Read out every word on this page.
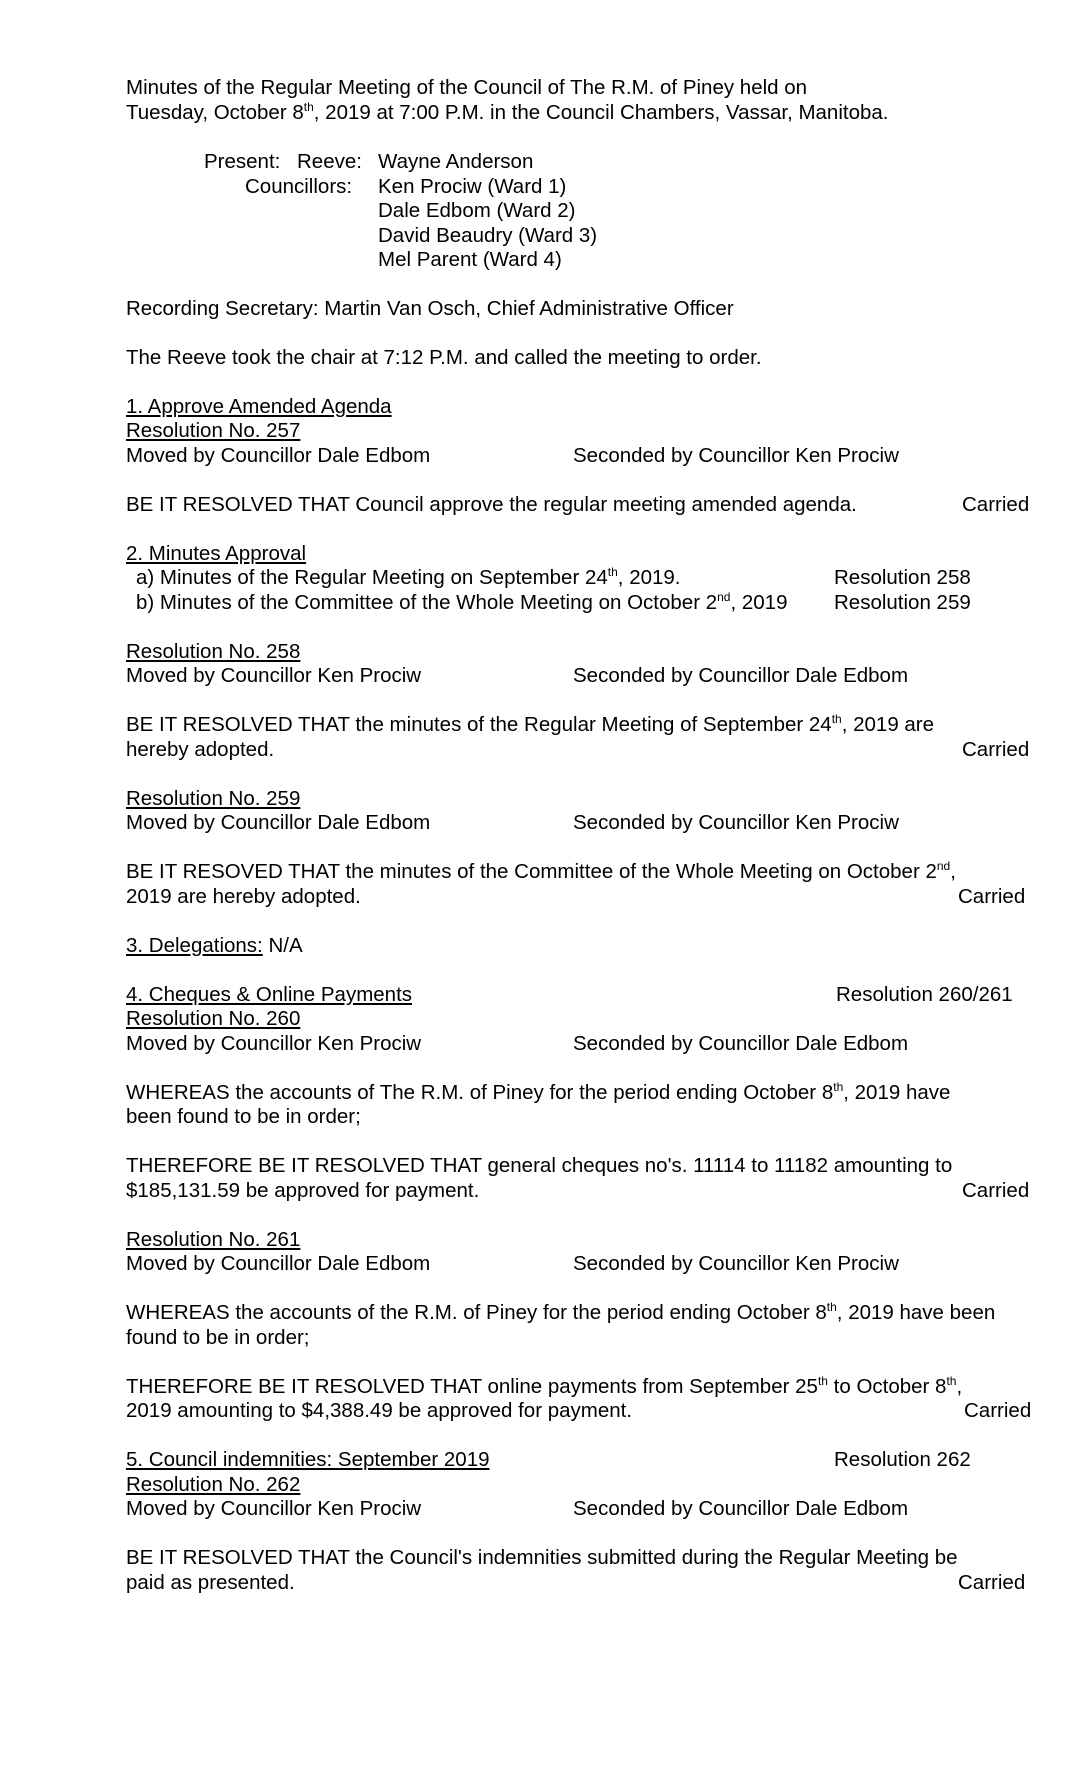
Minutes of the Regular Meeting of the Council of The R.M. of Piney held on
Tuesday, October 8th, 2019 at 7:00 P.M. in the Council Chambers, Vassar, Manitoba.
Present: Reeve: Wayne Anderson
Councillors: Ken Prociw (Ward 1)
Dale Edbom (Ward 2)
David Beaudry (Ward 3)
Mel Parent (Ward 4)
Recording Secretary: Martin Van Osch, Chief Administrative Officer
The Reeve took the chair at 7:12 P.M. and called the meeting to order.
1. Approve Amended Agenda
Resolution No. 257
Moved by Councillor Dale Edbom	Seconded by Councillor Ken Prociw
BE IT RESOLVED THAT Council approve the regular meeting amended agenda.	Carried
2. Minutes Approval
a) Minutes of the Regular Meeting on September 24th, 2019.	Resolution 258
b) Minutes of the Committee of the Whole Meeting on October 2nd, 2019 Resolution 259
Resolution No. 258
Moved by Councillor Ken Prociw	Seconded by Councillor Dale Edbom
BE IT RESOLVED THAT the minutes of the Regular Meeting of September 24th, 2019 are
hereby adopted.	Carried
Resolution No. 259
Moved by Councillor Dale Edbom	Seconded by Councillor Ken Prociw
BE IT RESOVED THAT the minutes of the Committee of the Whole Meeting on October 2nd,
2019 are hereby adopted.	Carried
3. Delegations: N/A
4. Cheques & Online Payments	Resolution 260/261
Resolution No. 260
Moved by Councillor Ken Prociw	Seconded by Councillor Dale Edbom
WHEREAS the accounts of The R.M. of Piney for the period ending October 8th, 2019 have
been found to be in order;
THEREFORE BE IT RESOLVED THAT general cheques no's. 11114 to 11182 amounting to
$185,131.59 be approved for payment.	Carried
Resolution No. 261
Moved by Councillor Dale Edbom	Seconded by Councillor Ken Prociw
WHEREAS the accounts of the R.M. of Piney for the period ending October 8th, 2019 have been
found to be in order;
THEREFORE BE IT RESOLVED THAT online payments from September 25th to October 8th,
2019 amounting to $4,388.49 be approved for payment.	Carried
5. Council indemnities: September 2019	Resolution 262
Resolution No. 262
Moved by Councillor Ken Prociw	Seconded by Councillor Dale Edbom
BE IT RESOLVED THAT the Council's indemnities submitted during the Regular Meeting be
paid as presented.	Carried
